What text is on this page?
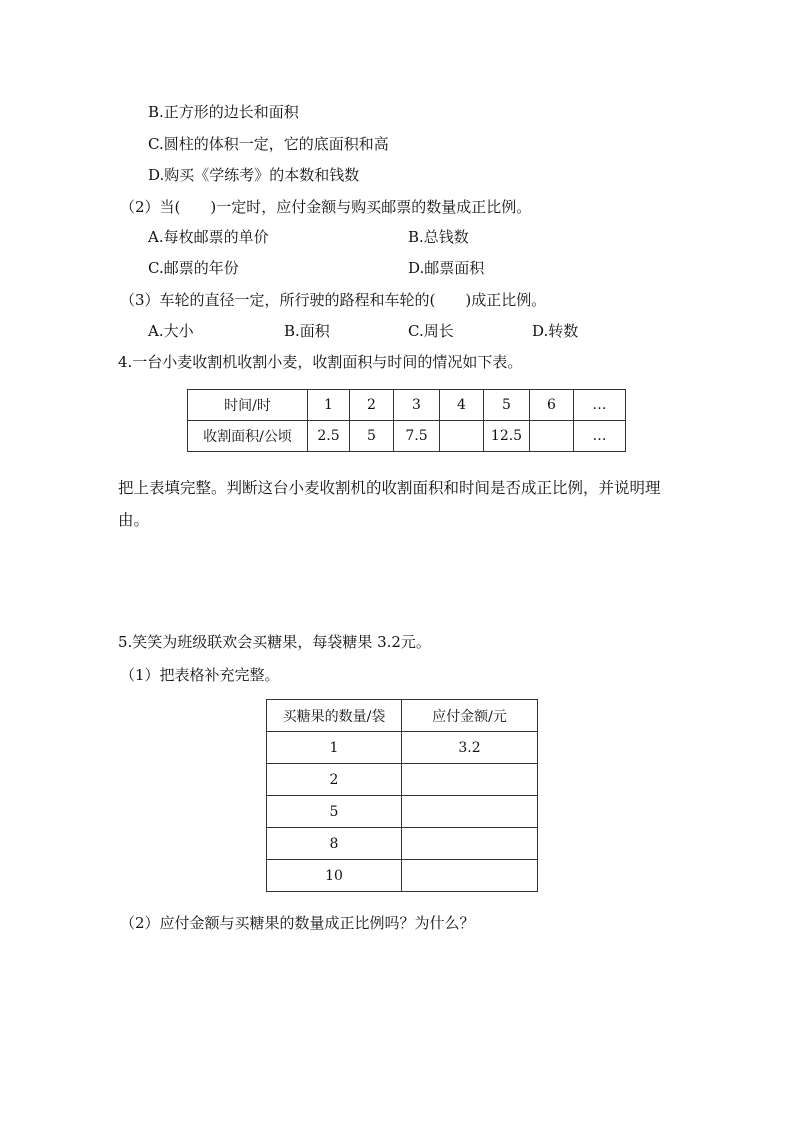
B.正方形的边长和面积
C.圆柱的体积一定，它的底面积和高
D.购买《学练考》的本数和钱数
（2）当(　　)一定时，应付金额与购买邮票的数量成正比例。
A.每枚邮票的单价	B.总钱数
C.邮票的年份	D.邮票面积
（3）车轮的直径一定，所行驶的路程和车轮的(　　)成正比例。
A.大小	B.面积	C.周长	D.转数
4.一台小麦收割机收割小麦，收割面积与时间的情况如下表。
时间/时	1	2	3	4	5	6	…
收割面积/公顷	2.5	5	7.5		12.5		…
把上表填完整。判断这台小麦收割机的收割面积和时间是否成正比例，并说明理
由。
5.笑笑为班级联欢会买糖果，每袋糖果 3.2元。
（1）把表格补充完整。
买糖果的数量/袋	应付金额/元
1	3.2
2	
5	
8	
10	
（2）应付金额与买糖果的数量成正比例吗？为什么？
